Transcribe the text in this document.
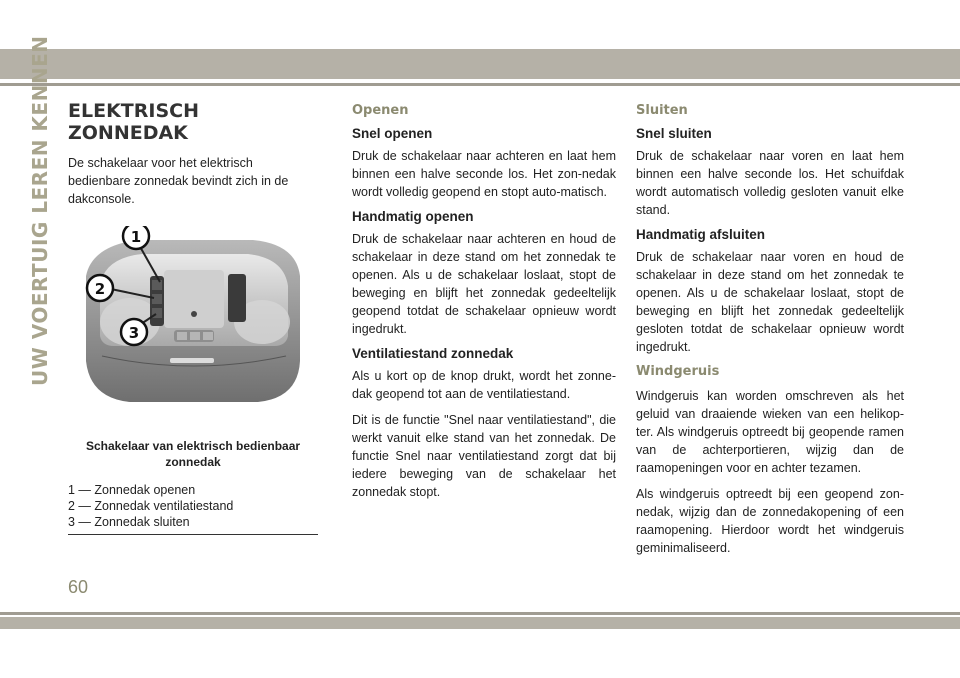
UW VOERTUIG LEREN KENNEN ELEKTRISCH ZONNEDAK

De schakelaar voor het elektrisch bedienbare zonnedak bevindt zich in de dakconsole.

1
2
3
Schakelaar van elektrisch bedienbaar zonnedak
1 — Zonnedak openen
2 — Zonnedak ventilatiestand
3 — Zonnedak sluiten
Openen
Snel openen

Druk de schakelaar naar achteren en laat hem binnen een halve seconde los. Het zon-nedak wordt volledig geopend en stopt auto-matisch.

Handmatig openen

Druk de schakelaar naar achteren en houd de schakelaar in deze stand om het zonnedak te openen. Als u de schakelaar loslaat, stopt de beweging en blijft het zonnedak gedeeltelijk geopend totdat de schakelaar opnieuw wordt ingedrukt.

Ventilatiestand zonnedak

Als u kort op de knop drukt, wordt het zonne-dak geopend tot aan de ventilatiestand.

Dit is de functie "Snel naar ventilatiestand", die werkt vanuit elke stand van het zonnedak. De functie Snel naar ventilatiestand zorgt dat bij iedere beweging van de schakelaar het zonnedak stopt.

Sluiten
Snel sluiten

Druk de schakelaar naar voren en laat hem binnen een halve seconde los. Het schuifdak wordt automatisch volledig gesloten vanuit elke stand.

Handmatig afsluiten

Druk de schakelaar naar voren en houd de schakelaar in deze stand om het zonnedak te openen. Als u de schakelaar loslaat, stopt de beweging en blijft het zonnedak gedeeltelijk gesloten totdat de schakelaar opnieuw wordt ingedrukt.

Windgeruis

Windgeruis kan worden omschreven als het geluid van draaiende wieken van een helikop-ter. Als windgeruis optreedt bij geopende ramen van de achterportieren, wijzig dan de raamopeningen voor en achter tezamen.

Als windgeruis optreedt bij een geopend zon-nedak, wijzig dan de zonnedakopening of een raamopening. Hierdoor wordt het windgeruis geminimaliseerd.

60
